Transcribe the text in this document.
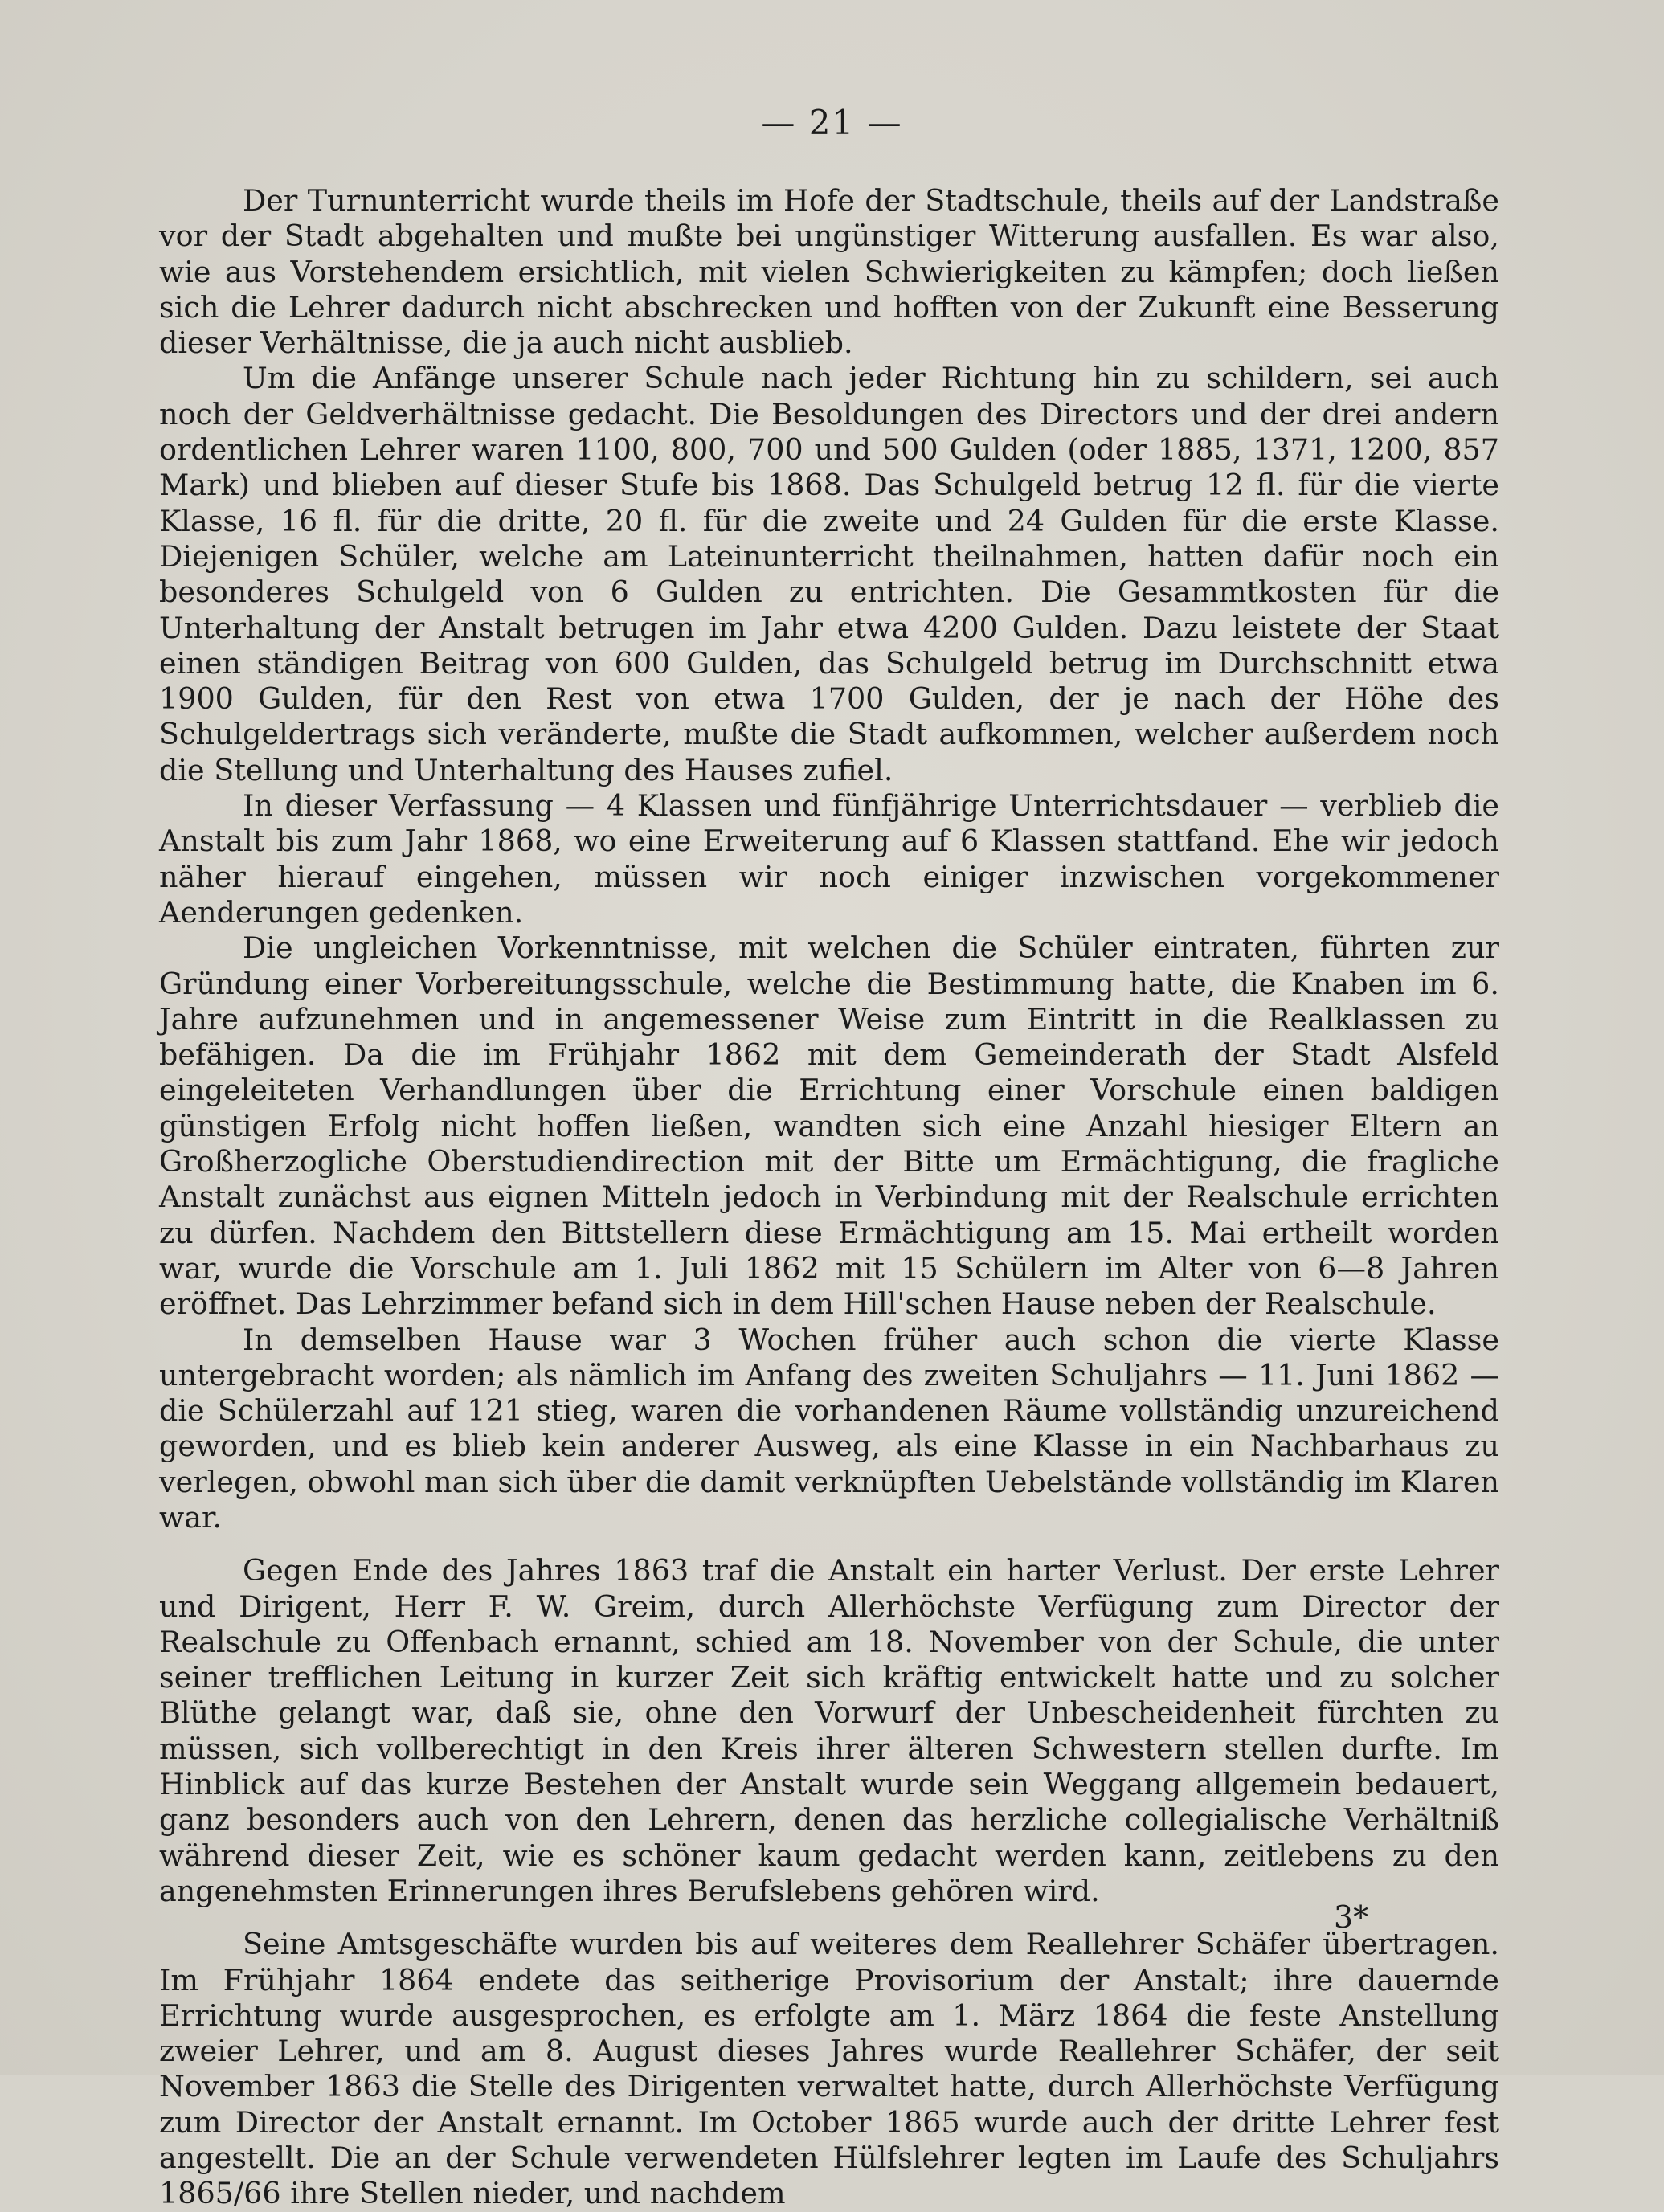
— 21 —

Der Turnunterricht wurde theils im Hofe der Stadtschule, theils auf der Landstraße vor der Stadt abgehalten und mußte bei ungünstiger Witterung ausfallen. Es war also, wie aus Vorstehendem ersichtlich, mit vielen Schwierigkeiten zu kämpfen; doch ließen sich die Lehrer dadurch nicht abschrecken und hofften von der Zukunft eine Besserung dieser Verhältnisse, die ja auch nicht ausblieb.

Um die Anfänge unserer Schule nach jeder Richtung hin zu schildern, sei auch noch der Geldverhältnisse gedacht. Die Besoldungen des Directors und der drei andern ordentlichen Lehrer waren 1100, 800, 700 und 500 Gulden (oder 1885, 1371, 1200, 857 Mark) und blieben auf dieser Stufe bis 1868. Das Schulgeld betrug 12 fl. für die vierte Klasse, 16 fl. für die dritte, 20 fl. für die zweite und 24 Gulden für die erste Klasse. Diejenigen Schüler, welche am Lateinunterricht theilnahmen, hatten dafür noch ein besonderes Schulgeld von 6 Gulden zu entrichten. Die Gesammtkosten für die Unterhaltung der Anstalt betrugen im Jahr etwa 4200 Gulden. Dazu leistete der Staat einen ständigen Beitrag von 600 Gulden, das Schulgeld betrug im Durchschnitt etwa 1900 Gulden, für den Rest von etwa 1700 Gulden, der je nach der Höhe des Schulgeldertrags sich veränderte, mußte die Stadt aufkommen, welcher außerdem noch die Stellung und Unterhaltung des Hauses zufiel.

In dieser Verfassung — 4 Klassen und fünfjährige Unterrichtsdauer — verblieb die Anstalt bis zum Jahr 1868, wo eine Erweiterung auf 6 Klassen stattfand. Ehe wir jedoch näher hierauf eingehen, müssen wir noch einiger inzwischen vorgekommener Aenderungen gedenken.

Die ungleichen Vorkenntnisse, mit welchen die Schüler eintraten, führten zur Gründung einer Vorbereitungsschule, welche die Bestimmung hatte, die Knaben im 6. Jahre aufzunehmen und in angemessener Weise zum Eintritt in die Realklassen zu befähigen. Da die im Frühjahr 1862 mit dem Gemeinderath der Stadt Alsfeld eingeleiteten Verhandlungen über die Errichtung einer Vorschule einen baldigen günstigen Erfolg nicht hoffen ließen, wandten sich eine Anzahl hiesiger Eltern an Großherzogliche Oberstudiendirection mit der Bitte um Ermächtigung, die fragliche Anstalt zunächst aus eignen Mitteln jedoch in Verbindung mit der Realschule errichten zu dürfen. Nachdem den Bittstellern diese Ermächtigung am 15. Mai ertheilt worden war, wurde die Vorschule am 1. Juli 1862 mit 15 Schülern im Alter von 6—8 Jahren eröffnet. Das Lehrzimmer befand sich in dem Hill'schen Hause neben der Realschule.

In demselben Hause war 3 Wochen früher auch schon die vierte Klasse untergebracht worden; als nämlich im Anfang des zweiten Schuljahrs — 11. Juni 1862 — die Schülerzahl auf 121 stieg, waren die vorhandenen Räume vollständig unzureichend geworden, und es blieb kein anderer Ausweg, als eine Klasse in ein Nachbarhaus zu verlegen, obwohl man sich über die damit verknüpften Uebelstände vollständig im Klaren war.

Gegen Ende des Jahres 1863 traf die Anstalt ein harter Verlust. Der erste Lehrer und Dirigent, Herr F. W. Greim, durch Allerhöchste Verfügung zum Director der Realschule zu Offenbach ernannt, schied am 18. November von der Schule, die unter seiner trefflichen Leitung in kurzer Zeit sich kräftig entwickelt hatte und zu solcher Blüthe gelangt war, daß sie, ohne den Vorwurf der Unbescheidenheit fürchten zu müssen, sich vollberechtigt in den Kreis ihrer älteren Schwestern stellen durfte. Im Hinblick auf das kurze Bestehen der Anstalt wurde sein Weggang allgemein bedauert, ganz besonders auch von den Lehrern, denen das herzliche collegialische Verhältniß während dieser Zeit, wie es schöner kaum gedacht werden kann, zeitlebens zu den angenehmsten Erinnerungen ihres Berufslebens gehören wird.

Seine Amtsgeschäfte wurden bis auf weiteres dem Reallehrer Schäfer übertragen. Im Frühjahr 1864 endete das seitherige Provisorium der Anstalt; ihre dauernde Errichtung wurde ausgesprochen, es erfolgte am 1. März 1864 die feste Anstellung zweier Lehrer, und am 8. August dieses Jahres wurde Reallehrer Schäfer, der seit November 1863 die Stelle des Dirigenten verwaltet hatte, durch Allerhöchste Verfügung zum Director der Anstalt ernannt. Im October 1865 wurde auch der dritte Lehrer fest angestellt. Die an der Schule verwendeten Hülfslehrer legten im Laufe des Schuljahrs 1865/66 ihre Stellen nieder, und nachdem

3*
